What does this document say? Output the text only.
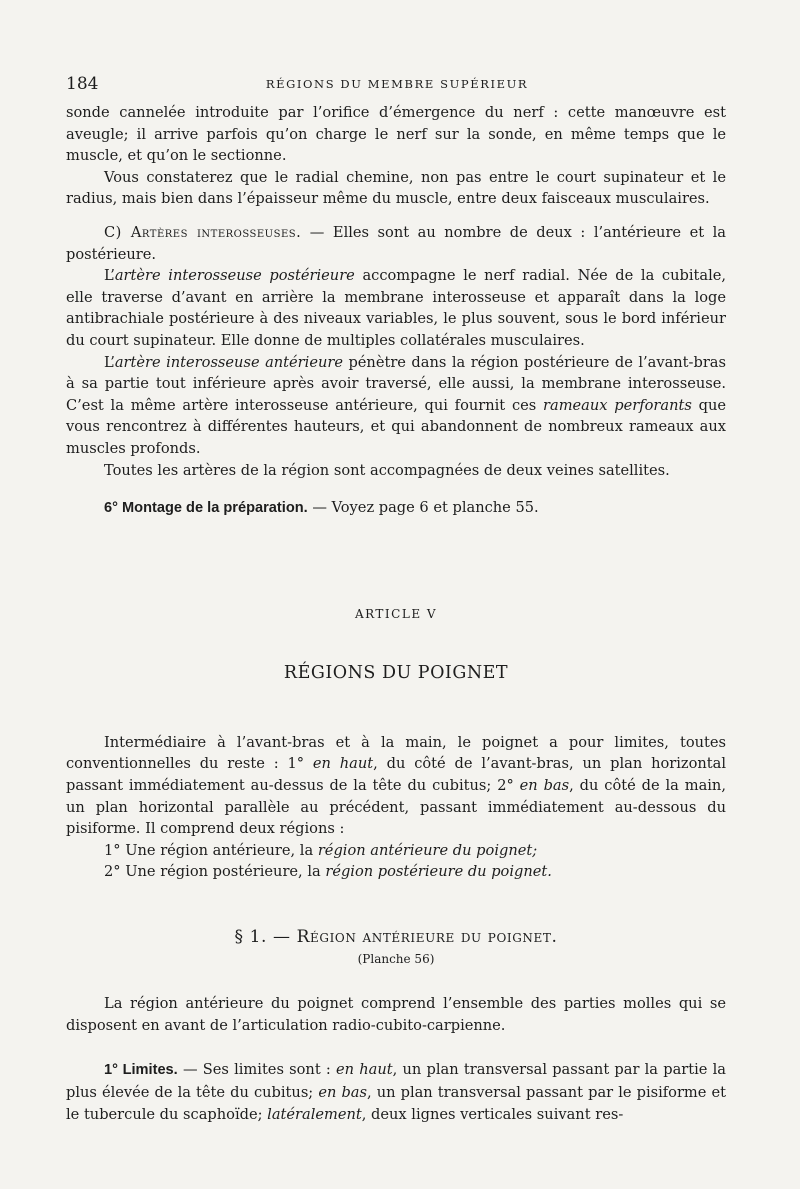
184	RÉGIONS DU MEMBRE SUPÉRIEUR

sonde cannelée introduite par l’orifice d’émergence du nerf : cette manœuvre est aveugle; il arrive parfois qu’on charge le nerf sur la sonde, en même temps que le muscle, et qu’on le sectionne.

Vous constaterez que le radial chemine, non pas entre le court supinateur et le radius, mais bien dans l’épaisseur même du muscle, entre deux faisceaux musculaires.

C) Artères interosseuses. — Elles sont au nombre de deux : l’antérieure et la postérieure.

L’artère interosseuse postérieure accompagne le nerf radial. Née de la cubitale, elle traverse d’avant en arrière la membrane interosseuse et apparaît dans la loge antibrachiale postérieure à des niveaux variables, le plus souvent, sous le bord inférieur du court supinateur. Elle donne de multiples collatérales musculaires.

L’artère interosseuse antérieure pénètre dans la région postérieure de l’avant-bras à sa partie tout inférieure après avoir traversé, elle aussi, la membrane interosseuse. C’est la même artère interosseuse antérieure, qui fournit ces rameaux perforants que vous rencontrez à différentes hauteurs, et qui abandonnent de nombreux rameaux aux muscles profonds.

Toutes les artères de la région sont accompagnées de deux veines satellites.

6° Montage de la préparation. — Voyez page 6 et planche 55.

ARTICLE V

RÉGIONS DU POIGNET

Intermédiaire à l’avant-bras et à la main, le poignet a pour limites, toutes conventionnelles du reste : 1° en haut, du côté de l’avant-bras, un plan horizontal passant immédiatement au-dessus de la tête du cubitus; 2° en bas, du côté de la main, un plan horizontal parallèle au précédent, passant immédiatement au-dessous du pisiforme. Il comprend deux régions :

1° Une région antérieure, la région antérieure du poignet;

2° Une région postérieure, la région postérieure du poignet.

§ 1. — Région antérieure du poignet.

(Planche 56)

La région antérieure du poignet comprend l’ensemble des parties molles qui se disposent en avant de l’articulation radio-cubito-carpienne.

1° Limites. — Ses limites sont : en haut, un plan transversal passant par la partie la plus élevée de la tête du cubitus; en bas, un plan transversal passant par le pisiforme et le tubercule du scaphoïde; latéralement, deux lignes verticales suivant res-
